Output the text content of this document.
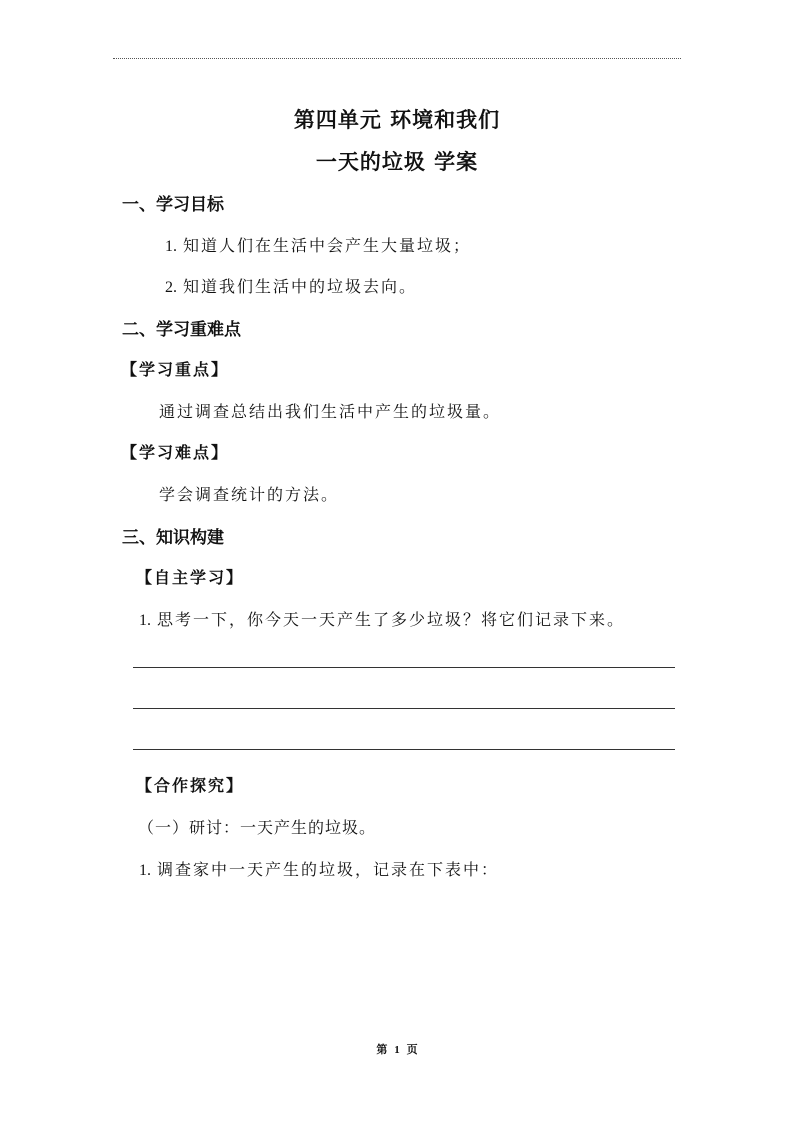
第四单元 环境和我们
一天的垃圾 学案
一、学习目标
1. 知道人们在生活中会产生大量垃圾；
2. 知道我们生活中的垃圾去向。
二、学习重难点
【学习重点】
通过调查总结出我们生活中产生的垃圾量。
【学习难点】
学会调查统计的方法。
三、知识构建
【自主学习】
1. 思考一下，你今天一天产生了多少垃圾？将它们记录下来。
【合作探究】
（一）研讨：一天产生的垃圾。
1. 调查家中一天产生的垃圾，记录在下表中：
第 1 页
